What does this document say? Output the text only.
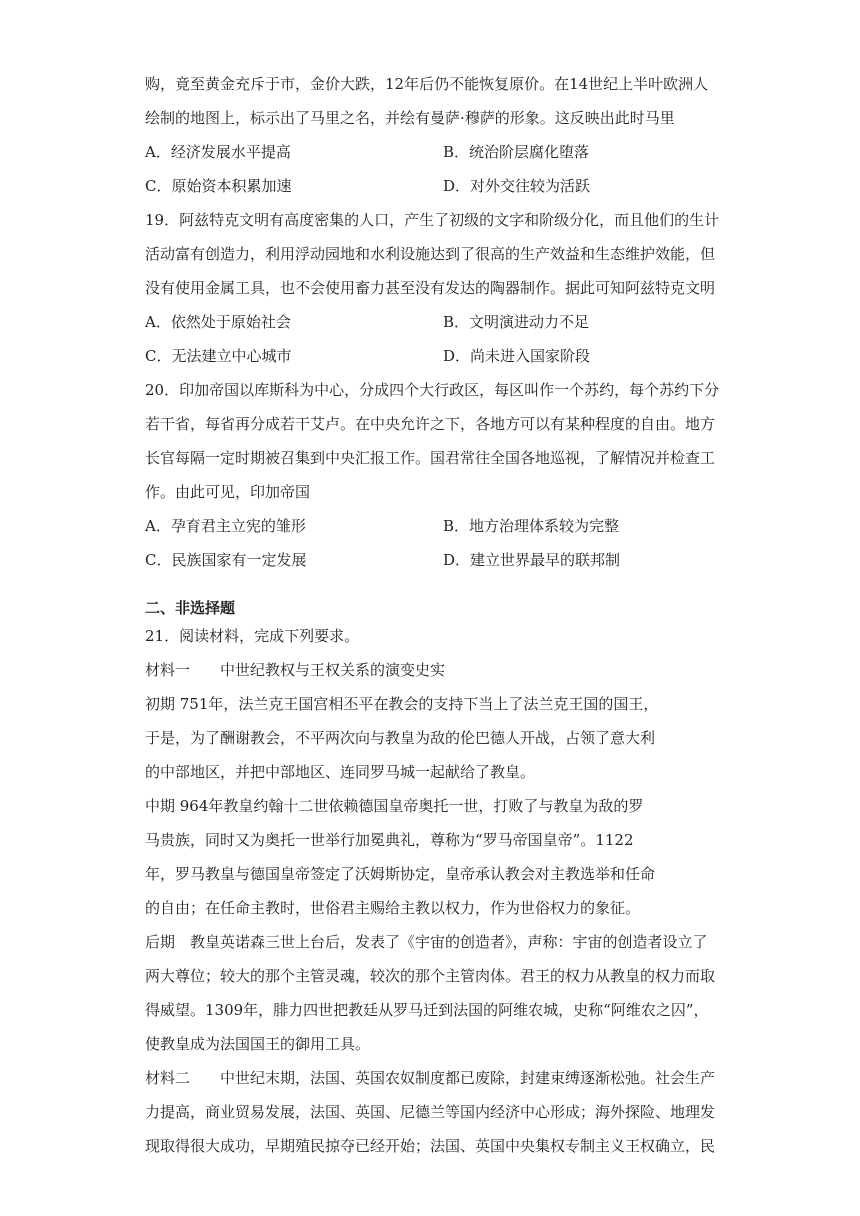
购，竟至黄金充斥于市，金价大跌，12年后仍不能恢复原价。在14世纪上半叶欧洲人
绘制的地图上，标示出了马里之名，并绘有曼萨·穆萨的形象。这反映出此时马里
A．经济发展水平提高	B．统治阶层腐化堕落
C．原始资本积累加速	D．对外交往较为活跃
19．阿兹特克文明有高度密集的人口，产生了初级的文字和阶级分化，而且他们的生计
活动富有创造力，利用浮动园地和水利设施达到了很高的生产效益和生态维护效能，但
没有使用金属工具，也不会使用畜力甚至没有发达的陶器制作。据此可知阿兹特克文明
A．依然处于原始社会	B．文明演进动力不足
C．无法建立中心城市	D．尚未进入国家阶段
20．印加帝国以库斯科为中心，分成四个大行政区，每区叫作一个苏约，每个苏约下分
若干省，每省再分成若干艾卢。在中央允许之下，各地方可以有某种程度的自由。地方
长官每隔一定时期被召集到中央汇报工作。国君常往全国各地巡视，了解情况并检查工
作。由此可见，印加帝国
A．孕育君主立宪的雏形	B．地方治理体系较为完整
C．民族国家有一定发展	D．建立世界最早的联邦制
二、非选择题
21．阅读材料，完成下列要求。
材料一　　中世纪教权与王权关系的演变史实
初期 751年，法兰克王国宫相丕平在教会的支持下当上了法兰克王国的国王，
于是，为了酬谢教会，不平两次向与教皇为敌的伦巴德人开战，占领了意大利
的中部地区，并把中部地区、连同罗马城一起献给了教皇。
中期 964年教皇约翰十二世依赖德国皇帝奥托一世，打败了与教皇为敌的罗
马贵族，同时又为奥托一世举行加冕典礼，尊称为“罗马帝国皇帝”。1122
年，罗马教皇与德国皇帝签定了沃姆斯协定，皇帝承认教会对主教选举和任命
的自由；在任命主教时，世俗君主赐给主教以权力，作为世俗权力的象征。
后期　教皇英诺森三世上台后，发表了《宇宙的创造者》，声称：宇宙的创造者设立了
两大尊位；较大的那个主管灵魂，较次的那个主管肉体。君王的权力从教皇的权力而取
得威望。1309年，腓力四世把教廷从罗马迁到法国的阿维农城，史称“阿维农之囚”，
使教皇成为法国国王的御用工具。
材料二　　中世纪末期，法国、英国农奴制度都已废除，封建束缚逐渐松弛。社会生产
力提高，商业贸易发展，法国、英国、尼德兰等国内经济中心形成；海外探险、地理发
现取得很大成功，早期殖民掠夺已经开始；法国、英国中央集权专制主义王权确立，民
